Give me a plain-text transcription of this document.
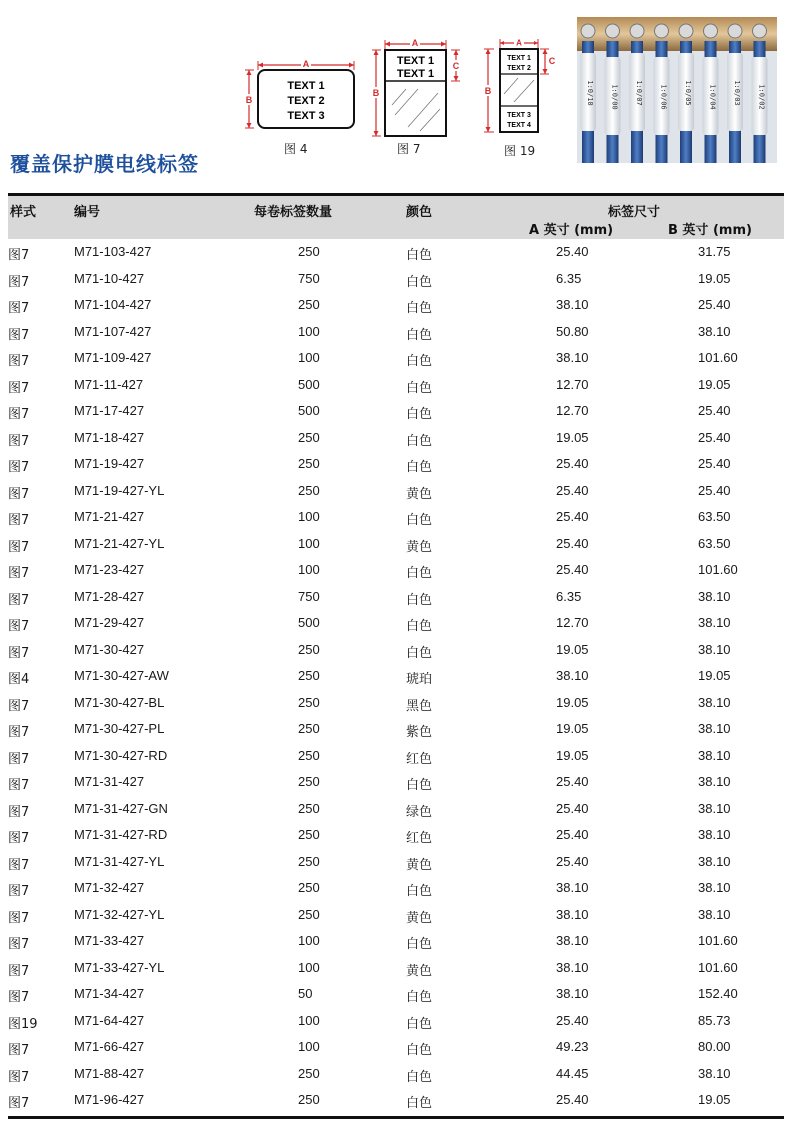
A
B
TEXT 1
TEXT 2
TEXT 3
图 4
A
B
C
TEXT 1
TEXT 1
图 7
A
B
C
TEXT 1
TEXT 2
TEXT 3
TEXT 4
图 19
1:0/10 1:0/00 1:0/07 1:0/06 1:0/05 1:0/04 1:0/03 1:0/02
覆盖保护膜电线标签
样式	编号	每卷标签数量	颜色	标签尺寸
A 英寸 (mm)	B 英寸 (mm)
图7	M71-103-427	250	白色	25.40	31.75
图7	M71-10-427	750	白色	6.35	19.05
图7	M71-104-427	250	白色	38.10	25.40
图7	M71-107-427	100	白色	50.80	38.10
图7	M71-109-427	100	白色	38.10	101.60
图7	M71-11-427	500	白色	12.70	19.05
图7	M71-17-427	500	白色	12.70	25.40
图7	M71-18-427	250	白色	19.05	25.40
图7	M71-19-427	250	白色	25.40	25.40
图7	M71-19-427-YL	250	黄色	25.40	25.40
图7	M71-21-427	100	白色	25.40	63.50
图7	M71-21-427-YL	100	黄色	25.40	63.50
图7	M71-23-427	100	白色	25.40	101.60
图7	M71-28-427	750	白色	6.35	38.10
图7	M71-29-427	500	白色	12.70	38.10
图7	M71-30-427	250	白色	19.05	38.10
图4	M71-30-427-AW	250	琥珀	38.10	19.05
图7	M71-30-427-BL	250	黑色	19.05	38.10
图7	M71-30-427-PL	250	紫色	19.05	38.10
图7	M71-30-427-RD	250	红色	19.05	38.10
图7	M71-31-427	250	白色	25.40	38.10
图7	M71-31-427-GN	250	绿色	25.40	38.10
图7	M71-31-427-RD	250	红色	25.40	38.10
图7	M71-31-427-YL	250	黄色	25.40	38.10
图7	M71-32-427	250	白色	38.10	38.10
图7	M71-32-427-YL	250	黄色	38.10	38.10
图7	M71-33-427	100	白色	38.10	101.60
图7	M71-33-427-YL	100	黄色	38.10	101.60
图7	M71-34-427	50	白色	38.10	152.40
图19	M71-64-427	100	白色	25.40	85.73
图7	M71-66-427	100	白色	49.23	80.00
图7	M71-88-427	250	白色	44.45	38.10
图7	M71-96-427	250	白色	25.40	19.05
